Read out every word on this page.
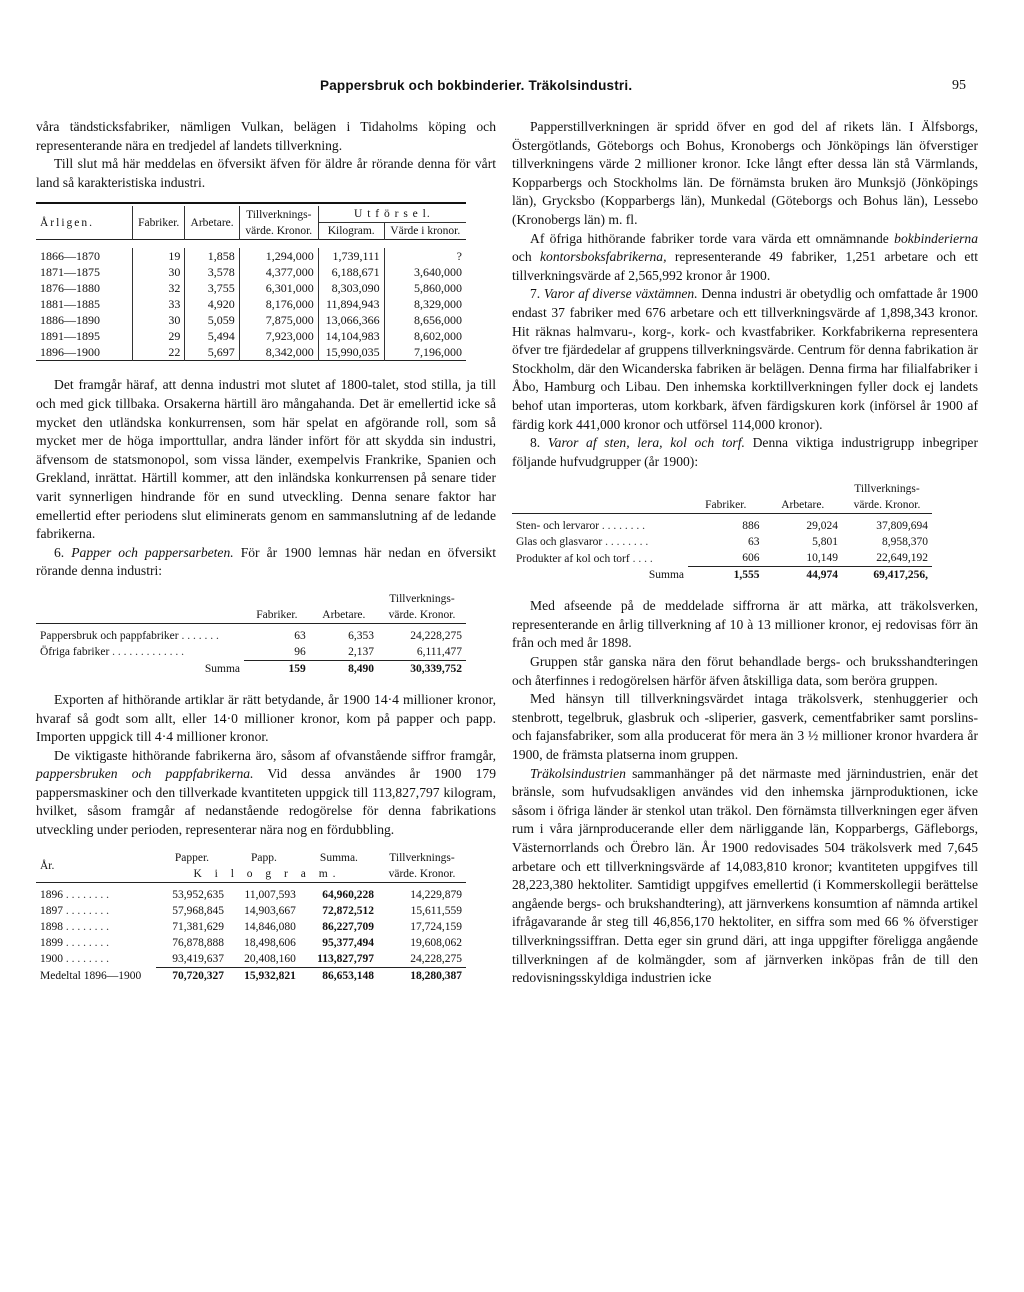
Pappersbruk och bokbinderier. Träkolsindustri.	95

våra tändsticksfabriker, nämligen Vulkan, belägen i Tidaholms köping och representerande nära en tredjedel af landets tillverkning.

Till slut må här meddelas en öfversikt äfven för äldre år rörande denna för vårt land så karakteristiska industri.

Årligen.	Fabriker.	Arbetare.	Tillverknings-värde. Kronor.	U t f ö r s e l.	
				Kilogram.	Värde i kronor.

1866—1870	19	1,858	1,294,000	1,739,111	?
1871—1875	30	3,578	4,377,000	6,188,671	3,640,000
1876—1880	32	3,755	6,301,000	8,303,090	5,860,000
1881—1885	33	4,920	8,176,000	11,894,943	8,329,000
1886—1890	30	5,059	7,875,000	13,066,366	8,656,000
1891—1895	29	5,494	7,923,000	14,104,983	8,602,000
1896—1900	22	5,697	8,342,000	15,990,035	7,196,000

Det framgår häraf, att denna industri mot slutet af 1800-talet, stod stilla, ja till och med gick tillbaka. Orsakerna härtill äro mångahanda. Det är emellertid icke så mycket den utländska konkurrensen, som här spelat en afgörande roll, som så mycket mer de höga importtullar, andra länder infört för att skydda sin industri, äfvensom de statsmonopol, som vissa länder, exempelvis Frankrike, Spanien och Grekland, inrättat. Härtill kommer, att den inländska konkurrensen på senare tider varit synnerligen hindrande för en sund utveckling. Denna senare faktor har emellertid efter periodens slut eliminerats genom en sammanslutning af de ledande fabrikerna.

6. Papper och pappersarbeten. För år 1900 lemnas här nedan en öfversikt rörande denna industri:

	Fabriker.	Arbetare.	Tillverknings-värde. Kronor.

Pappersbruk och pappfabriker . . . . . . .	63	6,353	24,228,275
Öfriga fabriker . . . . . . . . . . . . .	96	2,137	6,111,477
Summa	159	8,490	30,339,752

Exporten af hithörande artiklar är rätt betydande, år 1900 14·4 millioner kronor, hvaraf så godt som allt, eller 14·0 millioner kronor, kom på papper och papp. Importen uppgick till 4·4 millioner kronor.

De viktigaste hithörande fabrikerna äro, såsom af ofvanstående siffror framgår, pappersbruken och pappfabrikerna. Vid dessa användes år 1900 179 pappersmaskiner och den tillverkade kvantiteten uppgick till 113,827,797 kilogram, hvilket, såsom framgår af nedanstående redogörelse för denna fabrikations utveckling under perioden, representerar nära nog en fördubbling.

År.	Papper.	Papp.	Summa.	Tillverknings-värde. Kronor.
	K i l o g r a m.			

1896 . . . . . . . .	53,952,635	11,007,593	64,960,228	14,229,879
1897 . . . . . . . .	57,968,845	14,903,667	72,872,512	15,611,559
1898 . . . . . . . .	71,381,629	14,846,080	86,227,709	17,724,159
1899 . . . . . . . .	76,878,888	18,498,606	95,377,494	19,608,062
1900 . . . . . . . .	93,419,637	20,408,160	113,827,797	24,228,275
Medeltal 1896—1900	70,720,327	15,932,821	86,653,148	18,280,387

Papperstillverkningen är spridd öfver en god del af rikets län. I Älfsborgs, Östergötlands, Göteborgs och Bohus, Kronobergs och Jönköpings län öfverstiger tillverkningens värde 2 millioner kronor. Icke långt efter dessa län stå Värmlands, Kopparbergs och Stockholms län. De förnämsta bruken äro Munksjö (Jönköpings län), Grycksbo (Kopparbergs län), Munkedal (Göteborgs och Bohus län), Lessebo (Kronobergs län) m. fl.

Af öfriga hithörande fabriker torde vara värda ett omnämnande bokbinderierna och kontorsboksfabrikerna, representerande 49 fabriker, 1,251 arbetare och ett tillverkningsvärde af 2,565,992 kronor år 1900.

7. Varor af diverse växtämnen. Denna industri är obetydlig och omfattade år 1900 endast 37 fabriker med 676 arbetare och ett tillverkningsvärde af 1,898,343 kronor. Hit räknas halmvaru-, korg-, kork- och kvastfabriker. Korkfabrikerna representera öfver tre fjärdedelar af gruppens tillverkningsvärde. Centrum för denna fabrikation är Stockholm, där den Wicanderska fabriken är belägen. Denna firma har filialfabriker i Åbo, Hamburg och Libau. Den inhemska korktillverkningen fyller dock ej landets behof utan importeras, utom korkbark, äfven färdigskuren kork (införsel år 1900 af färdig kork 441,000 kronor och utförsel 114,000 kronor).

8. Varor af sten, lera, kol och torf. Denna viktiga industrigrupp inbegriper följande hufvudgrupper (år 1900):

	Fabriker.	Arbetare.	Tillverknings-värde. Kronor.

Sten- och lervaror . . . . . . . .	886	29,024	37,809,694
Glas och glasvaror . . . . . . . .	63	5,801	8,958,370
Produkter af kol och torf . . . .	606	10,149	22,649,192
Summa	1,555	44,974	69,417,256,

Med afseende på de meddelade siffrorna är att märka, att träkolsverken, representerande en årlig tillverkning af 10 à 13 millioner kronor, ej redovisas förr än från och med år 1898.

Gruppen står ganska nära den förut behandlade bergs- och bruksshandteringen och återfinnes i redogörelsen härför äfven åtskilliga data, som beröra gruppen.

Med hänsyn till tillverkningsvärdet intaga träkolsverk, stenhuggerier och stenbrott, tegelbruk, glasbruk och -sliperier, gasverk, cementfabriker samt porslins- och fajansfabriker, som alla producerat för mera än 3 ½ millioner kronor hvardera år 1900, de främsta platserna inom gruppen.

Träkolsindustrien sammanhänger på det närmaste med järnindustrien, enär det bränsle, som hufvudsakligen användes vid den inhemska järnproduktionen, icke såsom i öfriga länder är stenkol utan träkol. Den förnämsta tillverkningen eger äfven rum i våra järnproducerande eller dem närliggande län, Kopparbergs, Gäfleborgs, Västernorrlands och Örebro län. År 1900 redovisades 504 träkolsverk med 7,645 arbetare och ett tillverkningsvärde af 14,083,810 kronor; kvantiteten uppgifves till 28,223,380 hektoliter. Samtidigt uppgifves emellertid (i Kommerskollegii berättelse angående bergs- och brukshandtering), att järnverkens konsumtion af nämnda artikel ifrågavarande år steg till 46,856,170 hektoliter, en siffra som med 66 % öfverstiger tillverkningssiffran. Detta eger sin grund däri, att inga uppgifter föreligga angående tillverkningen af de kolmängder, som af järnverken inköpas från de till den redovisningsskyldiga industrien icke
